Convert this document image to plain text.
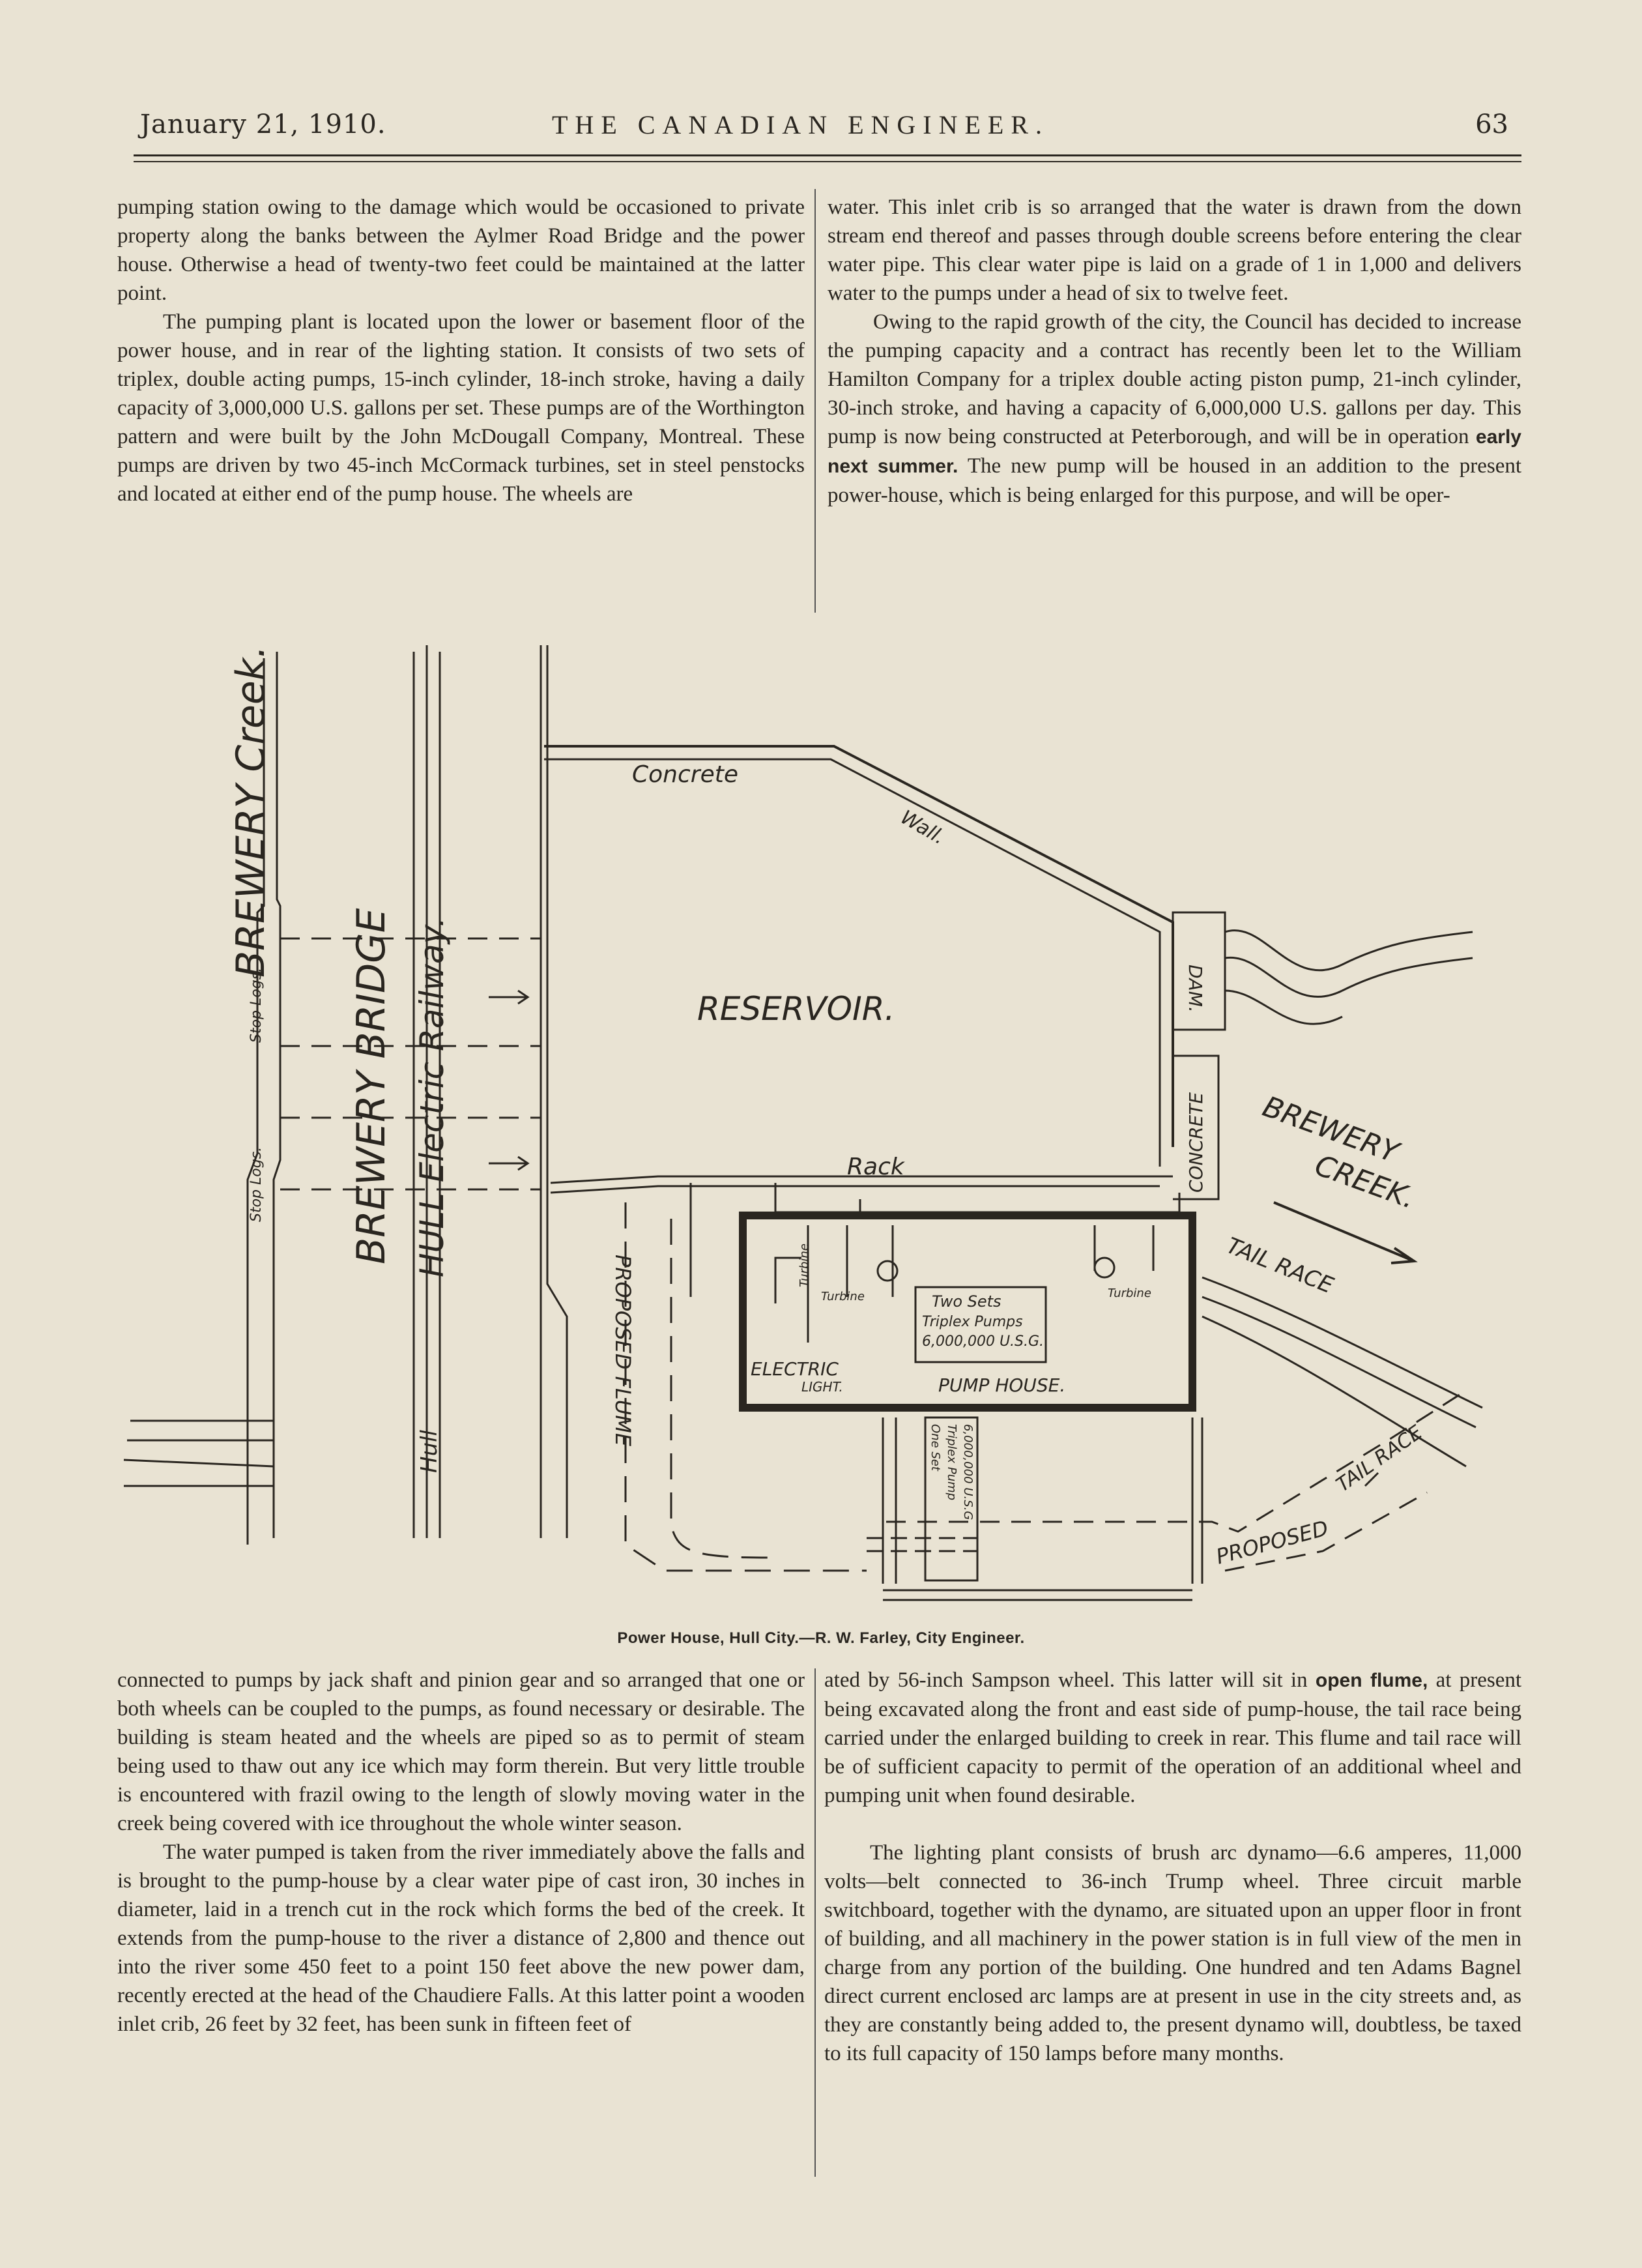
January 21, 1910.	THE CANADIAN ENGINEER.	63

pumping station owing to the damage which would be occasioned to private property along the banks between the Aylmer Road Bridge and the power house. Otherwise a head of twenty-two feet could be maintained at the latter point.

The pumping plant is located upon the lower or basement floor of the power house, and in rear of the lighting station. It consists of two sets of triplex, double acting pumps, 15-inch cylinder, 18-inch stroke, having a daily capacity of 3,000,000 U.S. gallons per set. These pumps are of the Worthington pattern and were built by the John McDougall Company, Montreal. These pumps are driven by two 45-inch McCormack turbines, set in steel penstocks and located at either end of the pump house. The wheels are

water. This inlet crib is so arranged that the water is drawn from the down stream end thereof and passes through double screens before entering the clear water pipe. This clear water pipe is laid on a grade of 1 in 1,000 and delivers water to the pumps under a head of six to twelve feet.

Owing to the rapid growth of the city, the Council has decided to increase the pumping capacity and a contract has recently been let to the William Hamilton Company for a triplex double acting piston pump, 21-inch cylinder, 30-inch stroke, and having a capacity of 6,000,000 U.S. gallons per day. This pump is now being constructed at Peterborough, and will be in operation early next summer. The new pump will be housed in an addition to the present power-house, which is being enlarged for this purpose, and will be oper-

BREWERY Creek.
BREWERY BRIDGE HULL Electric Railway.
Stop Logs.
Stop Logs.
Hull
Concrete
Wall.
RESERVOIR.	DAM.
CONCRETE BREWERY
CREEK.
TAIL RACE
Rack
PROPOSED FLUME	Turbine
Turbine	Turbine
Two Sets
Triplex Pumps
6,000,000 U.S.G.
ELECTRIC
LIGHT.	PUMP HOUSE.
One Set Triplex Pump 6,000,000 U.S.G.
PROPOSED
TAIL RACE
Power House, Hull City.—R. W. Farley, City Engineer.

connected to pumps by jack shaft and pinion gear and so arranged that one or both wheels can be coupled to the pumps, as found necessary or desirable. The building is steam heated and the wheels are piped so as to permit of steam being used to thaw out any ice which may form therein. But very little trouble is encountered with frazil owing to the length of slowly moving water in the creek being covered with ice throughout the whole winter season.

The water pumped is taken from the river immediately above the falls and is brought to the pump-house by a clear water pipe of cast iron, 30 inches in diameter, laid in a trench cut in the rock which forms the bed of the creek. It extends from the pump-house to the river a distance of 2,800 and thence out into the river some 450 feet to a point 150 feet above the new power dam, recently erected at the head of the Chaudiere Falls. At this latter point a wooden inlet crib, 26 feet by 32 feet, has been sunk in fifteen feet of

ated by 56-inch Sampson wheel. This latter will sit in open flume, at present being excavated along the front and east side of pump-house, the tail race being carried under the enlarged building to creek in rear. This flume and tail race will be of sufficient capacity to permit of the operation of an additional wheel and pumping unit when found desirable.

The lighting plant consists of brush arc dynamo—6.6 amperes, 11,000 volts—belt connected to 36-inch Trump wheel. Three circuit marble switchboard, together with the dynamo, are situated upon an upper floor in front of building, and all machinery in the power station is in full view of the men in charge from any portion of the building. One hundred and ten Adams Bagnel direct current enclosed arc lamps are at present in use in the city streets and, as they are constantly being added to, the present dynamo will, doubtless, be taxed to its full capacity of 150 lamps before many months.
